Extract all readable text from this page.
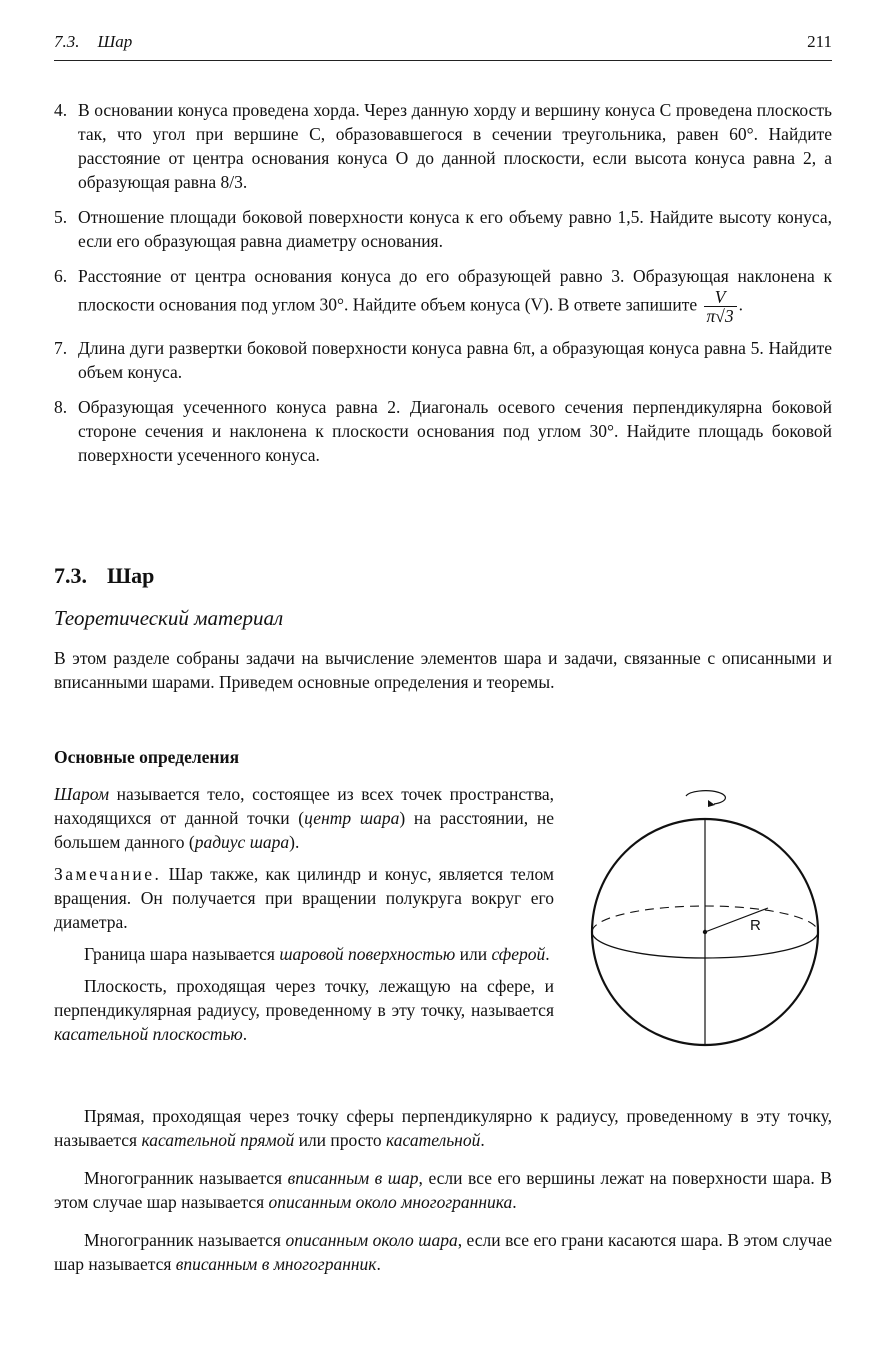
7.3. Шар	211
4. В основании конуса проведена хорда. Через данную хорду и вершину конуса C проведена плоскость так, что угол при вершине C, образовавшегося в сечении треугольника, равен 60°. Найдите расстояние от центра основания конуса O до данной плоскости, если высота конуса равна 2, а образующая равна 8/3.
5. Отношение площади боковой поверхности конуса к его объему равно 1,5. Найдите высоту конуса, если его образующая равна диаметру основания.
6. Расстояние от центра основания конуса до его образующей равно 3. Образующая наклонена к плоскости основания под углом 30°. Найдите объем конуса (V). В ответе запишите $\frac{V}{\pi√3}$ .
7. Длина дуги развертки боковой поверхности конуса равна 6π, а образующая конуса равна 5. Найдите объем конуса.
8. Образующая усеченного конуса равна 2. Диагональ осевого сечения перпендикулярна боковой стороне сечения и наклонена к плоскости основания под углом 30°. Найдите площадь боковой поверхности усеченного конуса.
7.3. Шар
Теоретический материал

В этом разделе собраны задачи на вычисление элементов шара и задачи, связанные с описанными и вписанными шарами. Приведем основные определения и теоремы.

Основные определения

Шаром называется тело, состоящее из всех точек пространства, находящихся от данной точки (центр шара) на расстоянии, не большем данного (радиус шара).

Замечание. Шар также, как цилиндр и конус, является телом вращения. Он получается при вращении полукруга вокруг его диаметра.

Граница шара называется шаровой поверхностью или сферой.

Плоскость, проходящая через точку, лежащую на сфере, и перпендикулярная радиусу, проведенному в эту точку, называется касательной плоскостью.

R

Прямая, проходящая через точку сферы перпендикулярно к радиусу, проведенному в эту точку, называется касательной прямой или просто касательной.

Многогранник называется вписанным в шар, если все его вершины лежат на поверхности шара. В этом случае шар называется описанным около многогранника.

Многогранник называется описанным около шара, если все его грани касаются шара. В этом случае шар называется вписанным в многогранник.
